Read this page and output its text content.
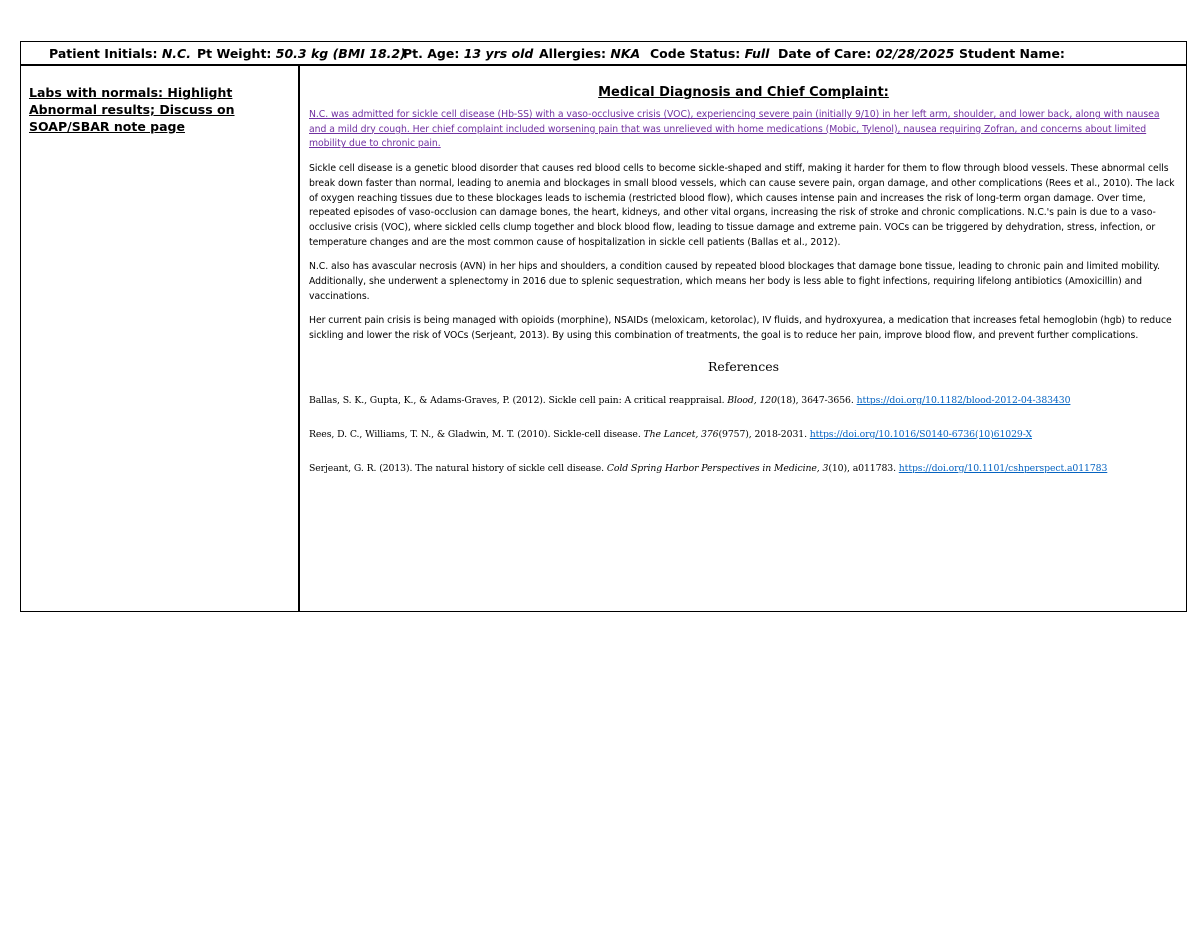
Patient Initials: N.C. Pt Weight: 50.3 kg (BMI 18.2)
Pt. Age: 13 yrs old Allergies: NKA Code Status: Full Date of Care: 02/28/2025 Student Name:
Labs with normals: Highlight Abnormal results; Discuss on SOAP/SBAR note page
Medical Diagnosis and Chief Complaint:

N.C. was admitted for sickle cell disease (Hb-SS) with a vaso-occlusive crisis (VOC), experiencing severe pain (initially 9/10) in her left arm, shoulder, and lower back, along with nausea and a mild dry cough. Her chief complaint included worsening pain that was unrelieved with home medications (Mobic, Tylenol), nausea requiring Zofran, and concerns about limited mobility due to chronic pain.

Sickle cell disease is a genetic blood disorder that causes red blood cells to become sickle-shaped and stiff, making it harder for them to flow through blood vessels. These abnormal cells break down faster than normal, leading to anemia and blockages in small blood vessels, which can cause severe pain, organ damage, and other complications (Rees et al., 2010). The lack of oxygen reaching tissues due to these blockages leads to ischemia (restricted blood flow), which causes intense pain and increases the risk of long-term organ damage. Over time, repeated episodes of vaso-occlusion can damage bones, the heart, kidneys, and other vital organs, increasing the risk of stroke and chronic complications. N.C.'s pain is due to a vaso-occlusive crisis (VOC), where sickled cells clump together and block blood flow, leading to tissue damage and extreme pain. VOCs can be triggered by dehydration, stress, infection, or temperature changes and are the most common cause of hospitalization in sickle cell patients (Ballas et al., 2012).

N.C. also has avascular necrosis (AVN) in her hips and shoulders, a condition caused by repeated blood blockages that damage bone tissue, leading to chronic pain and limited mobility. Additionally, she underwent a splenectomy in 2016 due to splenic sequestration, which means her body is less able to fight infections, requiring lifelong antibiotics (Amoxicillin) and vaccinations.

Her current pain crisis is being managed with opioids (morphine), NSAIDs (meloxicam, ketorolac), IV fluids, and hydroxyurea, a medication that increases fetal hemoglobin (hgb) to reduce sickling and lower the risk of VOCs (Serjeant, 2013). By using this combination of treatments, the goal is to reduce her pain, improve blood flow, and prevent further complications.

References

Ballas, S. K., Gupta, K., & Adams-Graves, P. (2012). Sickle cell pain: A critical reappraisal. Blood, 120(18), 3647-3656. https://doi.org/10.1182/blood-2012-04-383430

Rees, D. C., Williams, T. N., & Gladwin, M. T. (2010). Sickle-cell disease. The Lancet, 376(9757), 2018-2031. https://doi.org/10.1016/S0140-6736(10)61029-X

Serjeant, G. R. (2013). The natural history of sickle cell disease. Cold Spring Harbor Perspectives in Medicine, 3(10), a011783. https://doi.org/10.1101/cshperspect.a011783
